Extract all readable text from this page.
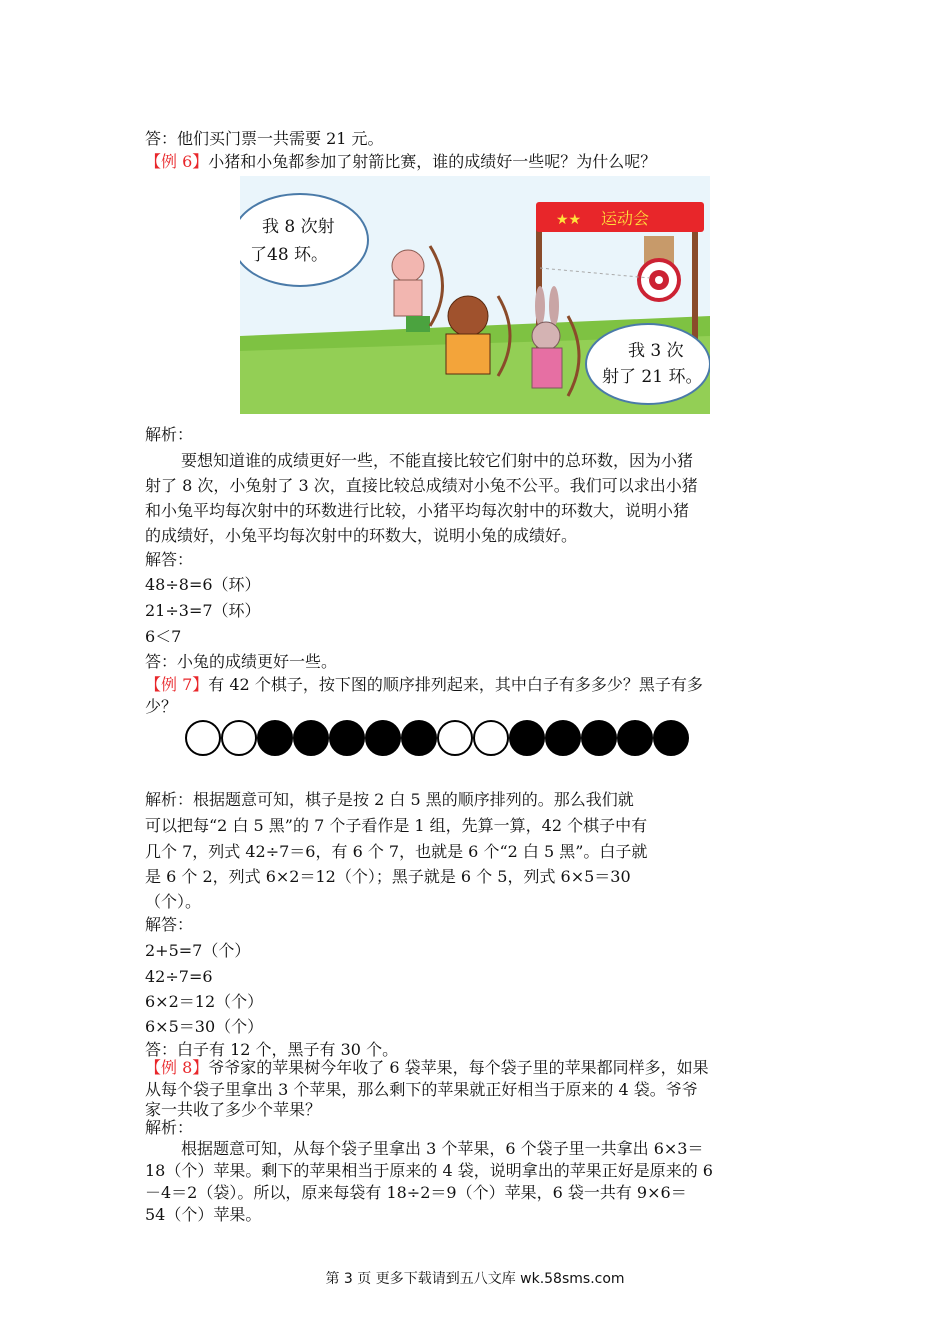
答：他们买门票一共需要 21 元。
【例 6】小猪和小兔都参加了射箭比赛，谁的成绩好一些呢？为什么呢？
解析：
要想知道谁的成绩更好一些，不能直接比较它们射中的总环数，因为小猪
射了 8 次，小兔射了 3 次，直接比较总成绩对小兔不公平。我们可以求出小猪
和小兔平均每次射中的环数进行比较，小猪平均每次射中的环数大，说明小猪
的成绩好，小兔平均每次射中的环数大，说明小兔的成绩好。
解答：
48÷8=6（环）
21÷3=7（环）
6＜7
答：小兔的成绩更好一些。
【例 7】有 42 个棋子，按下图的顺序排列起来，其中白子有多多少？黑子有多
少？
解析：根据题意可知，棋子是按 2 白 5 黑的顺序排列的。那么我们就
可以把每“2 白 5 黑”的 7 个子看作是 1 组，先算一算，42 个棋子中有
几个 7，列式 42÷7＝6，有 6 个 7，也就是 6 个“2 白 5 黑”。白子就
是 6 个 2，列式 6×2＝12（个）；黑子就是 6 个 5，列式 6×5＝30
（个）。
解答：
2+5=7（个）
42÷7=6
6×2＝12（个）
6×5＝30（个）
答：白子有 12 个，黑子有 30 个。
【例 8】爷爷家的苹果树今年收了 6 袋苹果，每个袋子里的苹果都同样多，如果
从每个袋子里拿出 3 个苹果，那么剩下的苹果就正好相当于原来的 4 袋。爷爷
家一共收了多少个苹果？
解析：
根据题意可知，从每个袋子里拿出 3 个苹果，6 个袋子里一共拿出 6×3＝
18（个）苹果。剩下的苹果相当于原来的 4 袋，说明拿出的苹果正好是原来的 6
－4＝2（袋）。所以，原来每袋有 18÷2＝9（个）苹果，6 袋一共有 9×6＝
54（个）苹果。
运动会
★★
我 8 次射
了48 环。
我 3 次
射了 21 环。
第 3 页 更多下载请到五八文库 wk.58sms.com
